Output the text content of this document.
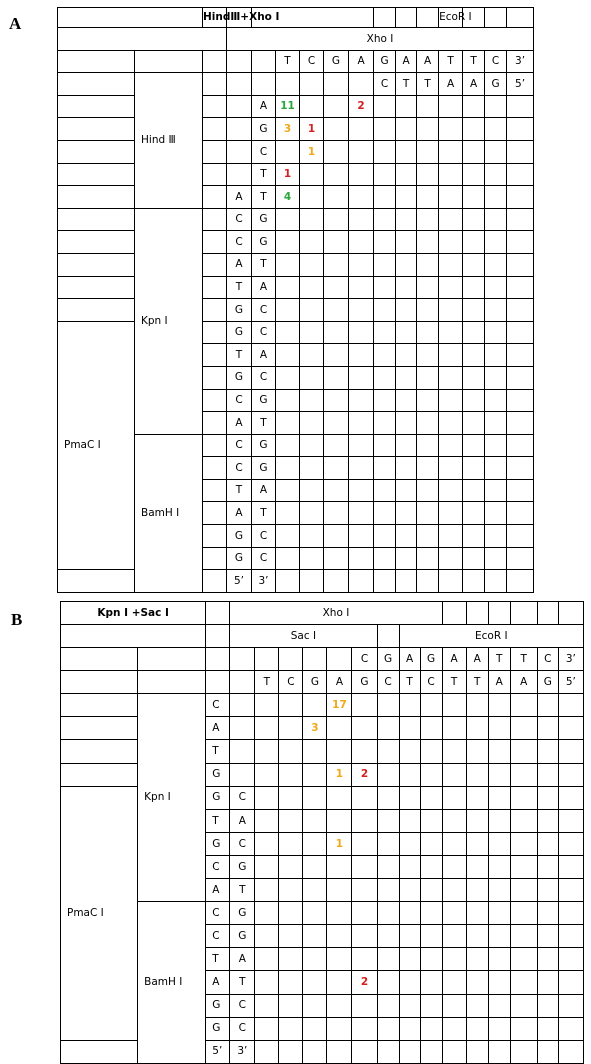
A
		HindⅢ+Xho Ⅰ										EcoR Ⅰ			
			Xho Ⅰ												
					T	C	G	A	G	A	A	T	T	C	3’
	Hind Ⅲ								C	T	T	A	A	G	5’
				A	11			2							
				G	3	1									
				C		1									
				T	1										
			A	T	4										
	Kpn Ⅰ		C	G											
			C	G											
			A	T											
			T	A											
			G	C											
PmaC Ⅰ			G	C											
			T	A											
			G	C											
			C	G											
			A	T											
	BamH Ⅰ		C	G											
			C	G											
			T	A											
			A	T											
			G	C											
			G	C											
			5’	3’											
B	Kpn Ⅰ +Sac Ⅰ			Xho Ⅰ														
			Sac Ⅰ							EcoR Ⅰ							
								C	G	A	G	A	A	T	T	C	3’
				T	C	G	A	G	C	T	C	T	T	A	A	G	5’
	Kpn Ⅰ	C					17										
		A				3											
		T															
		G					1	2									
PmaC Ⅰ		G	C														
		T	A														
		G	C				1										
		C	G														
		A	T														
	BamH Ⅰ	C	G														
		C	G														
		T	A														
		A	T					2									
		G	C														
		G	C														
		5’	3’														
